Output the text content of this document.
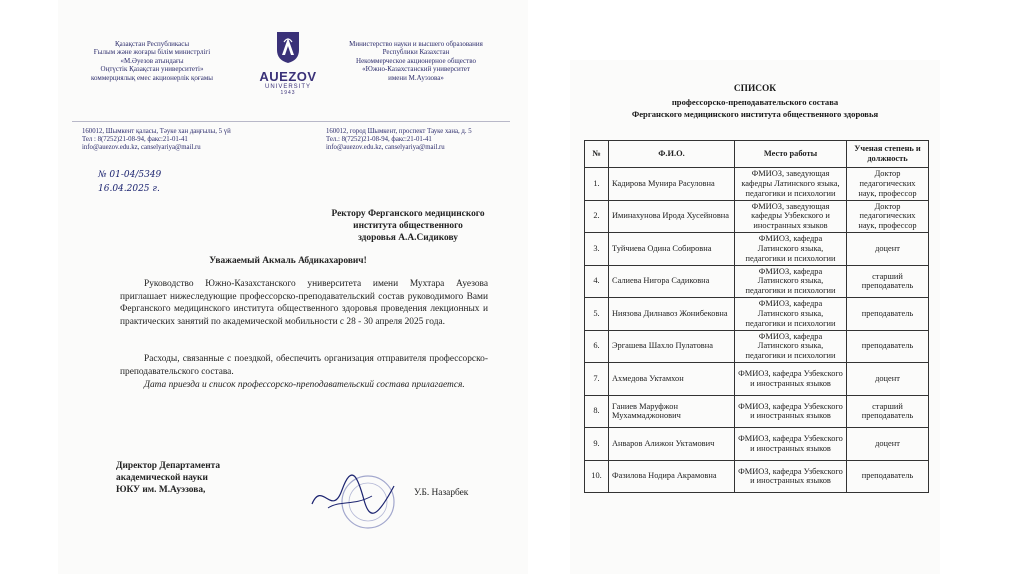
Қазақстан Республикасы
Ғылым және жоғары білім министрлігі
«М.Әуезов атындағы
Оңтүстік Қазақстан университеті»
коммерциялық емес акционерлік қоғамы	AUEZOV
UNIVERSITY
1943
Министерство науки и высшего образования
Республики Казахстан
Некоммерческое акционерное общество
«Южно-Казахстанский университет
имени М.Ауэзова»
160012, Шымкент қаласы, Тәуке хан даңғылы, 5 үй
Тел : 8(7252)21-08-94, факс:21-01-41
info@auezov.edu.kz, canselyariya@mail.ru
160012, город Шымкент, проспект Тауке хана, д. 5
Тел.: 8(7252)21-08-94, факс:21-01-41
info@auezov.edu.kz, canselyariya@mail.ru
№ 01-04/5349
16.04.2025 г.
Ректору Ферганского медицинского
института общественного
здоровья А.А.Сидикову
Уважаемый Акмаль Абдикахарович!
Руководство Южно-Казахстанского университета имени Мухтара Ауезова приглашает нижеследующие профессорско-преподавательский состав руководимого Вами Ферганского медицинского института общественного здоровья проведения лекционных и практических занятий по академической мобильности с 28 - 30 апреля 2025 года.
Расходы, связанные с поездкой, обеспечить организация отправителя профессорско-преподавательского состава.
Дата приезда и список профессорско-преподавательский состава прилагается.
Директор Департамента
академической науки
ЮКУ им. М.Ауэзова,	У.Б. Назарбек
СПИСОК
профессорско-преподавательского состава
Ферганского медицинского института общественного здоровья
№	Ф.И.О.	Место работы	Ученая степень и должность
1.	Кадирова Мунира Расуловна	ФМИОЗ, заведующая кафедры Латинского языка, педагогики и психологии	Доктор педагогических наук, профессор
2.	Иминахунова Ирода Хусейновна	ФМИОЗ, заведующая кафедры Узбекского и иностранных языков	Доктор педагогических наук, профессор
3.	Туйчиева Одина Собировна	ФМИОЗ, кафедра Латинского языка, педагогики и психологии	доцент
4.	Салиева Нигора Садиковна	ФМИОЗ, кафедра Латинского языка, педагогики и психологии	старший преподаватель
5.	Ниязова Дилнавоз Жонибековна	ФМИОЗ, кафедра Латинского языка, педагогики и психологии	преподаватель
6.	Эргашева Шахло Пулатовна	ФМИОЗ, кафедра Латинского языка, педагогики и психологии	преподаватель
7.	Ахмедова Уктамхон	ФМИОЗ, кафедра Узбекского и иностранных языков	доцент
8.	Ганиев Маруфжон Мухаммаджонович	ФМИОЗ, кафедра Узбекского и иностранных языков	старший преподаватель
9.	Анваров Алижон Уктамович	ФМИОЗ, кафедра Узбекского и иностранных языков	доцент
10.	Фазилова Нодира Акрамовна	ФМИОЗ, кафедра Узбекского и иностранных языков	преподаватель
